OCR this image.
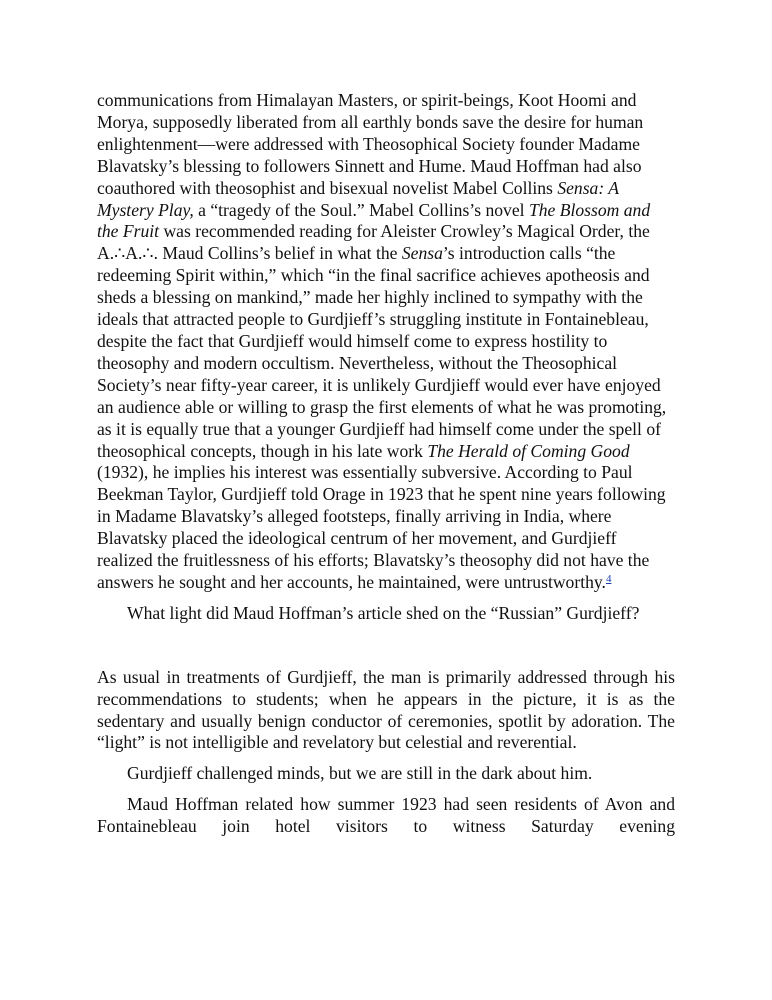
communications from Himalayan Masters, or spirit-beings, Koot Hoomi and Morya, supposedly liberated from all earthly bonds save the desire for human enlightenment—were addressed with Theosophical Society founder Madame Blavatsky’s blessing to followers Sinnett and Hume. Maud Hoffman had also coauthored with theosophist and bisexual novelist Mabel Collins Sensa: A Mystery Play, a “tragedy of the Soul.” Mabel Collins’s novel The Blossom and the Fruit was recommended reading for Aleister Crowley’s Magical Order, the A.∴A.∴. Maud Collins’s belief in what the Sensa’s introduction calls “the redeeming Spirit within,” which “in the final sacrifice achieves apotheosis and sheds a blessing on mankind,” made her highly inclined to sympathy with the ideals that attracted people to Gurdjieff’s struggling institute in Fontainebleau, despite the fact that Gurdjieff would himself come to express hostility to theosophy and modern occultism. Nevertheless, without the Theosophical Society’s near fifty-year career, it is unlikely Gurdjieff would ever have enjoyed an audience able or willing to grasp the first elements of what he was promoting, as it is equally true that a younger Gurdjieff had himself come under the spell of theosophical concepts, though in his late work The Herald of Coming Good (1932), he implies his interest was essentially subversive. According to Paul Beekman Taylor, Gurdjieff told Orage in 1923 that he spent nine years following in Madame Blavatsky’s alleged footsteps, finally arriving in India, where Blavatsky placed the ideological centrum of her movement, and Gurdjieff realized the fruitlessness of his efforts; Blavatsky’s theosophy did not have the answers he sought and her accounts, he maintained, were untrustworthy.$^4$

What light did Maud Hoffman’s article shed on the “Russian” Gurdjieff?

As usual in treatments of Gurdjieff, the man is primarily addressed through his recommendations to students; when he appears in the picture, it is as the sedentary and usually benign conductor of ceremonies, spotlit by adoration. The “light” is not intelligible and revelatory but celestial and reverential.

Gurdjieff challenged minds, but we are still in the dark about him.

Maud Hoffman related how summer 1923 had seen residents of Avon and Fontainebleau join hotel visitors to witness Saturday evening
